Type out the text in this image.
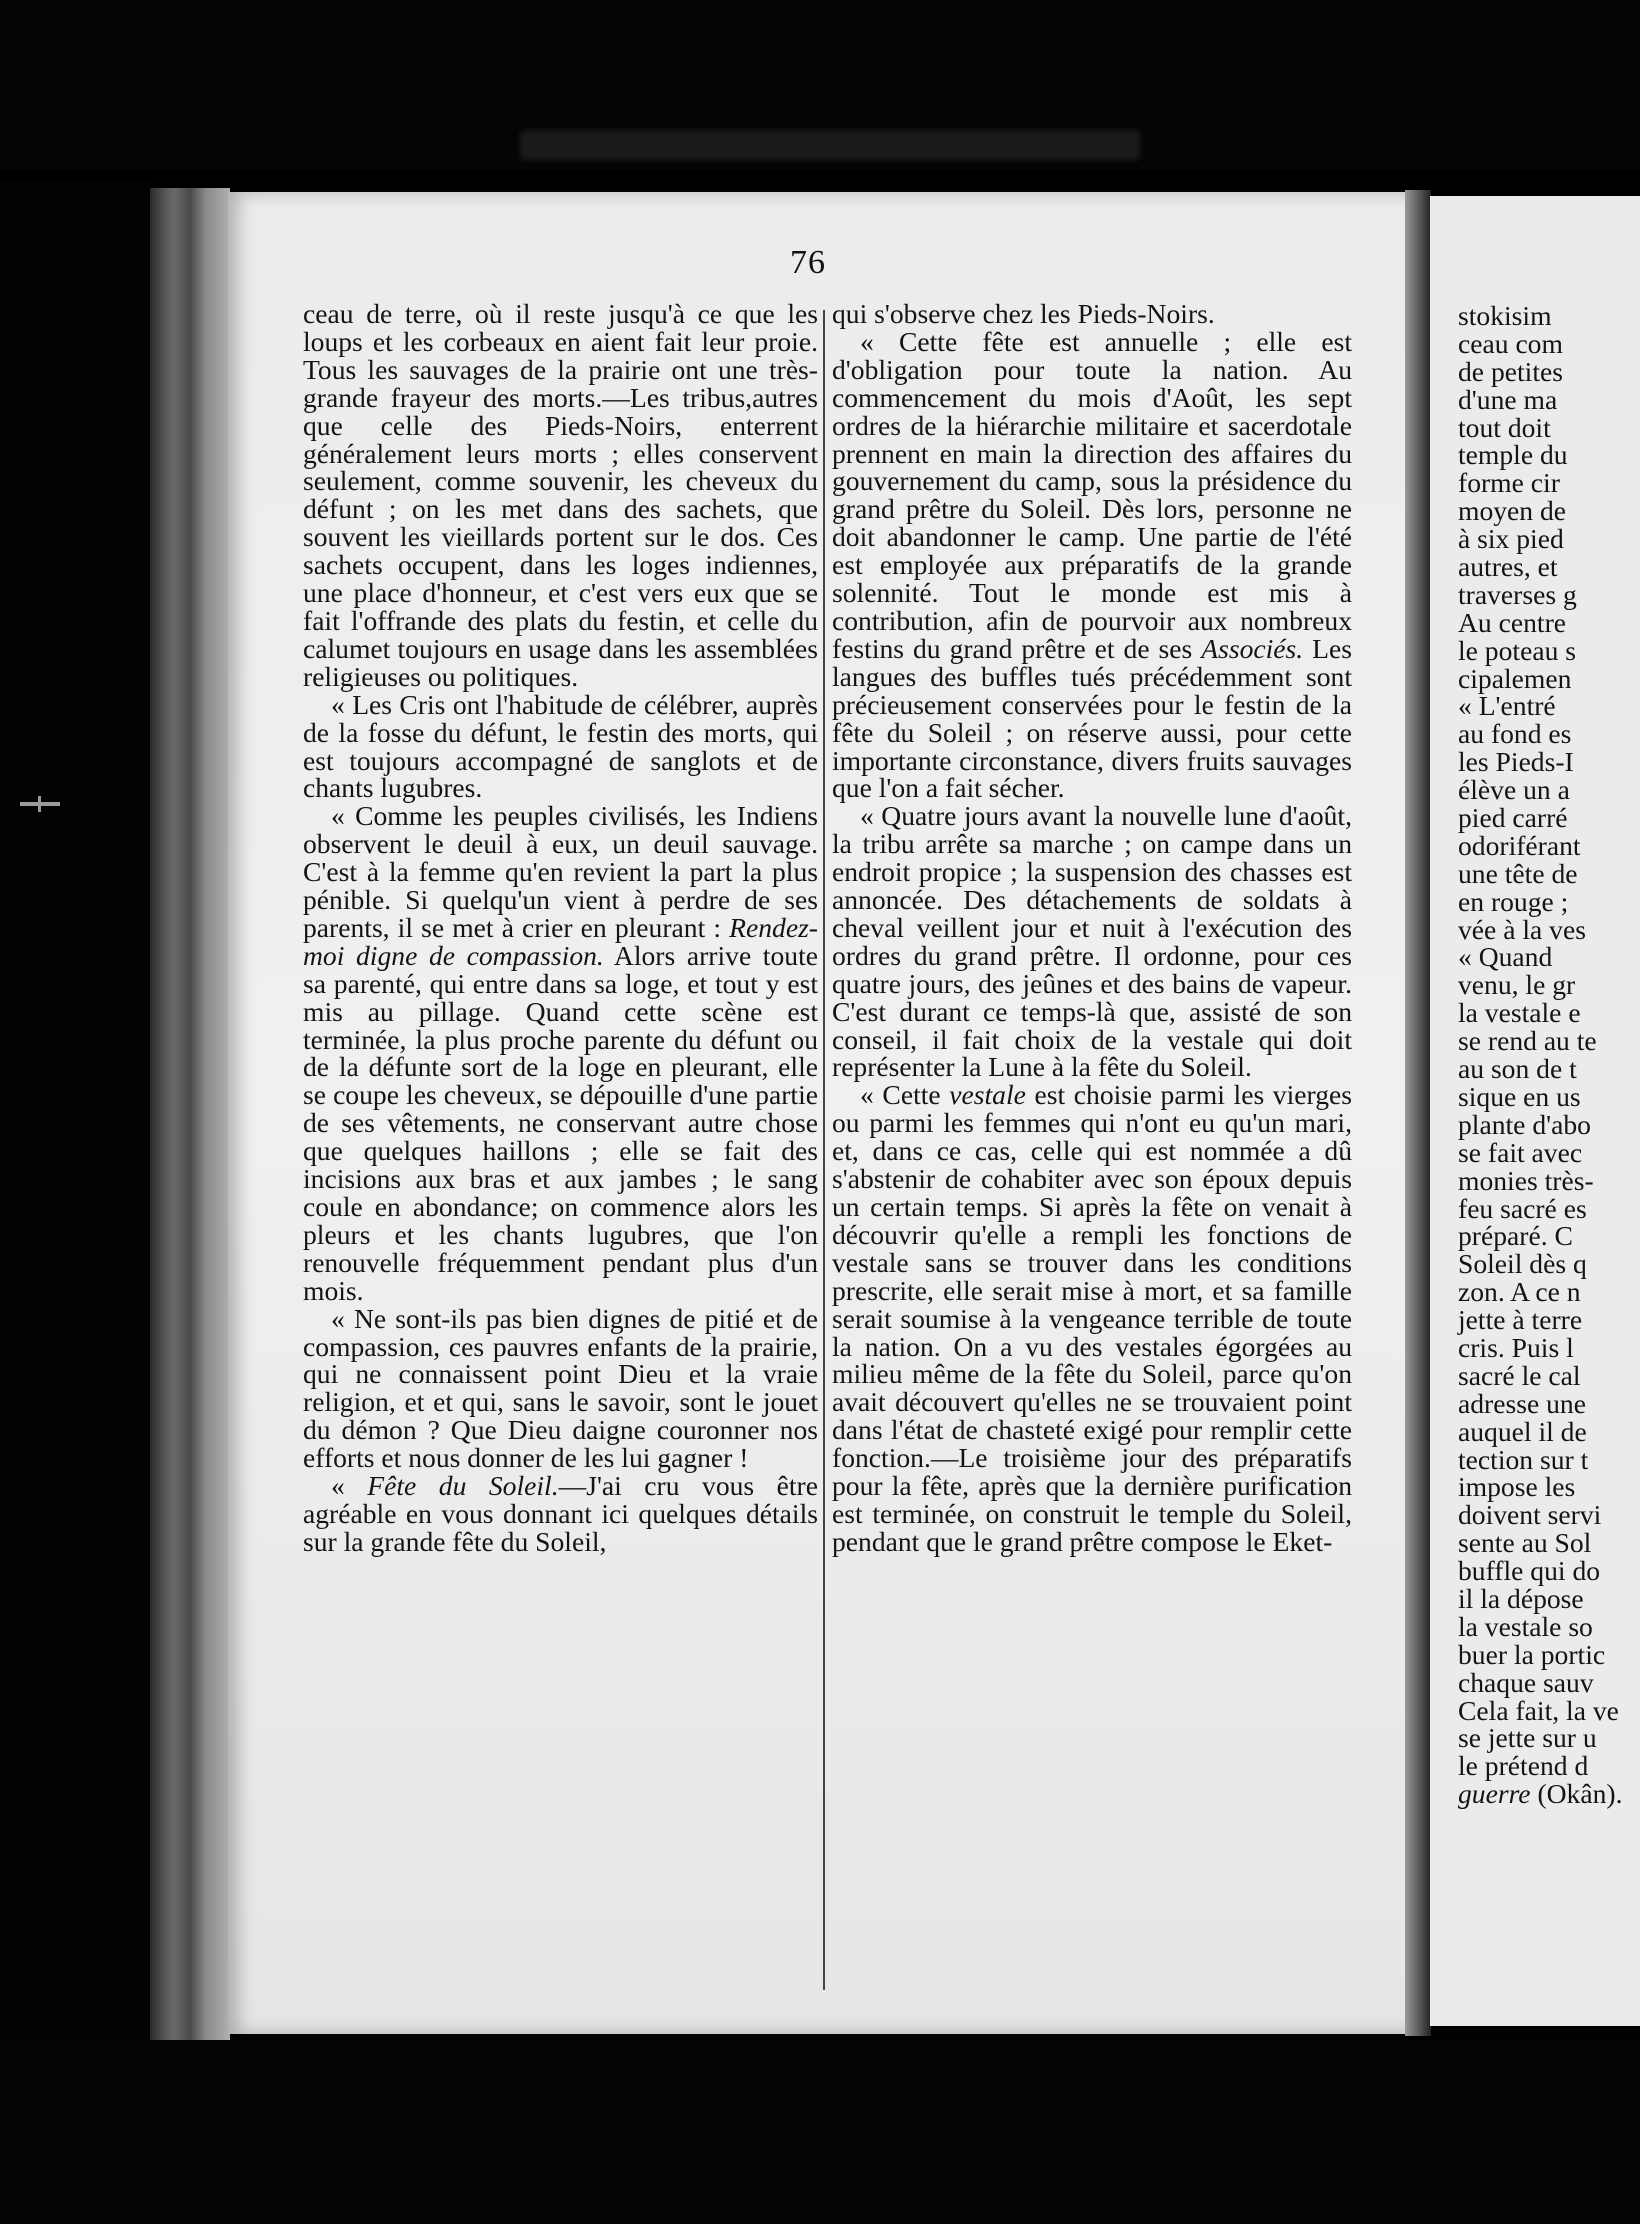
stokisim
ceau com
de petites
d'une ma
tout doit
temple du
forme cir
moyen de
à six pied
autres, et
traverses g
Au centre
le poteau s
cipalemen
« L'entré
au fond es
les Pieds-I
élève un a
pied carré
odoriférant
une tête de
en rouge ;
vée à la ves
« Quand
venu, le gr
la vestale e
se rend au te
au son de t
sique en us
plante d'abo
se fait avec
monies très-
feu sacré es
préparé. C
Soleil dès q
zon. A ce n
jette à terre
cris. Puis l
sacré le cal
adresse une
auquel il de
tection sur t
impose les
doivent servi
sente au Sol
buffle qui do
il la dépose
la vestale so
buer la portic
chaque sauv
Cela fait, la ve
se jette sur u
le prétend d
guerre (Okân).
76

ceau de terre, où il reste jusqu'à ce que les loups et les corbeaux en aient fait leur proie. Tous les sauvages de la prairie ont une très-grande frayeur des morts.—Les tribus,autres que celle des Pieds-Noirs, enterrent généralement leurs morts ; elles conservent seulement, comme souvenir, les cheveux du défunt ; on les met dans des sachets, que souvent les vieillards portent sur le dos. Ces sachets occupent, dans les loges indiennes, une place d'honneur, et c'est vers eux que se fait l'offrande des plats du festin, et celle du calumet toujours en usage dans les assemblées religieuses ou politiques.

« Les Cris ont l'habitude de célébrer, auprès de la fosse du défunt, le festin des morts, qui est toujours accompagné de sanglots et de chants lugubres.

« Comme les peuples civilisés, les Indiens observent le deuil à eux, un deuil sauvage. C'est à la femme qu'en revient la part la plus pénible. Si quelqu'un vient à perdre de ses parents, il se met à crier en pleurant : Rendez-moi digne de compassion. Alors arrive toute sa parenté, qui entre dans sa loge, et tout y est mis au pillage. Quand cette scène est terminée, la plus proche parente du défunt ou de la défunte sort de la loge en pleurant, elle se coupe les cheveux, se dépouille d'une partie de ses vêtements, ne conservant autre chose que quelques haillons ; elle se fait des incisions aux bras et aux jambes ; le sang coule en abondance; on commence alors les pleurs et les chants lugubres, que l'on renouvelle fréquemment pendant plus d'un mois.

« Ne sont-ils pas bien dignes de pitié et de compassion, ces pauvres enfants de la prairie, qui ne connaissent point Dieu et la vraie religion, et et qui, sans le savoir, sont le jouet du démon ? Que Dieu daigne couronner nos efforts et nous donner de les lui gagner !

« Fête du Soleil.—J'ai cru vous être agréable en vous donnant ici quelques détails sur la grande fête du Soleil,

qui s'observe chez les Pieds-Noirs.

« Cette fête est annuelle ; elle est d'obligation pour toute la nation. Au commencement du mois d'Août, les sept ordres de la hiérarchie militaire et sacerdotale prennent en main la direction des affaires du gouvernement du camp, sous la présidence du grand prêtre du Soleil. Dès lors, personne ne doit abandonner le camp. Une partie de l'été est employée aux préparatifs de la grande solennité. Tout le monde est mis à contribution, afin de pourvoir aux nombreux festins du grand prêtre et de ses Associés. Les langues des buffles tués précédemment sont précieusement conservées pour le festin de la fête du Soleil ; on réserve aussi, pour cette importante circonstance, divers fruits sauvages que l'on a fait sécher.

« Quatre jours avant la nouvelle lune d'août, la tribu arrête sa marche ; on campe dans un endroit propice ; la suspension des chasses est annoncée. Des détachements de soldats à cheval veillent jour et nuit à l'exécution des ordres du grand prêtre. Il ordonne, pour ces quatre jours, des jeûnes et des bains de vapeur. C'est durant ce temps-là que, assisté de son conseil, il fait choix de la vestale qui doit représenter la Lune à la fête du Soleil.

« Cette vestale est choisie parmi les vierges ou parmi les femmes qui n'ont eu qu'un mari, et, dans ce cas, celle qui est nommée a dû s'abstenir de cohabiter avec son époux depuis un certain temps. Si après la fête on venait à découvrir qu'elle a rempli les fonctions de vestale sans se trouver dans les conditions prescrite, elle serait mise à mort, et sa famille serait soumise à la vengeance terrible de toute la nation. On a vu des vestales égorgées au milieu même de la fête du Soleil, parce qu'on avait découvert qu'elles ne se trouvaient point dans l'état de chasteté exigé pour remplir cette fonction.—Le troisième jour des préparatifs pour la fête, après que la dernière purification est terminée, on construit le temple du Soleil, pendant que le grand prêtre compose le Eket-
